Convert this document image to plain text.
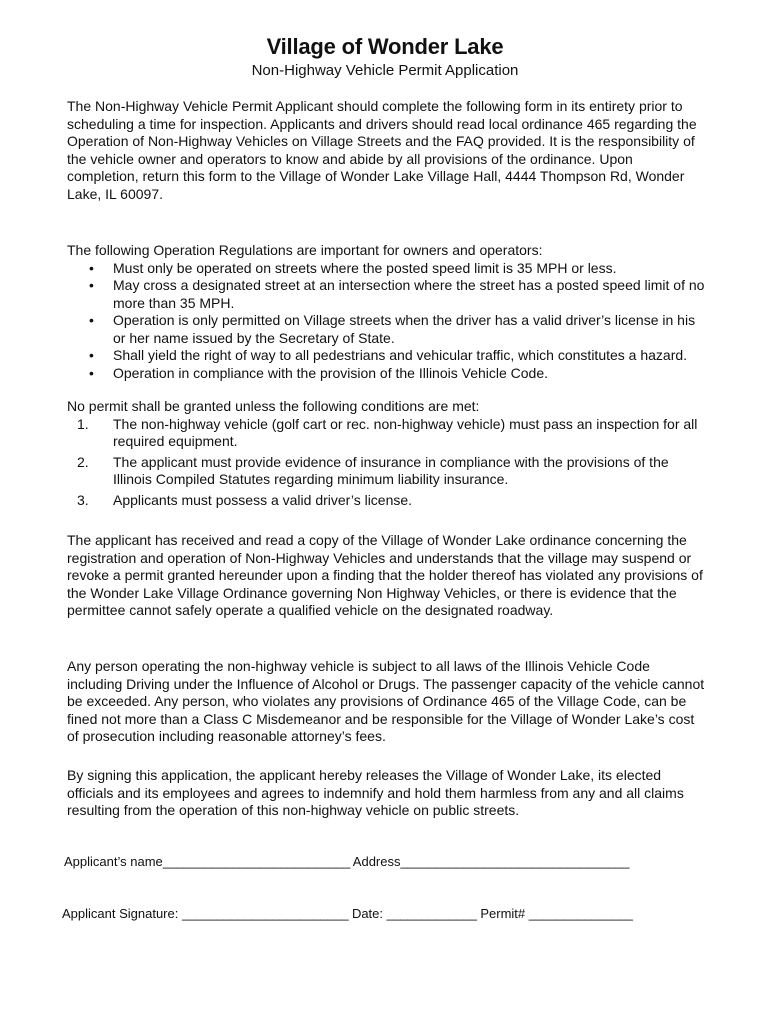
Village of Wonder Lake
Non-Highway Vehicle Permit Application

The Non-Highway Vehicle Permit Applicant should complete the following form in its entirety prior to scheduling a time for inspection. Applicants and drivers should read local ordinance 465 regarding the Operation of Non-Highway Vehicles on Village Streets and the FAQ provided. It is the responsibility of the vehicle owner and operators to know and abide by all provisions of the ordinance. Upon completion, return this form to the Village of Wonder Lake Village Hall, 4444 Thompson Rd, Wonder Lake, IL 60097.

The following Operation Regulations are important for owners and operators:
• Must only be operated on streets where the posted speed limit is 35 MPH or less.
• May cross a designated street at an intersection where the street has a posted speed limit of no more than 35 MPH.
• Operation is only permitted on Village streets when the driver has a valid driver’s license in his or her name issued by the Secretary of State.
• Shall yield the right of way to all pedestrians and vehicular traffic, which constitutes a hazard.
• Operation in compliance with the provision of the Illinois Vehicle Code.
No permit shall be granted unless the following conditions are met:
1. The non-highway vehicle (golf cart or rec. non-highway vehicle) must pass an inspection for all required equipment.
2. The applicant must provide evidence of insurance in compliance with the provisions of the Illinois Compiled Statutes regarding minimum liability insurance.
3. Applicants must possess a valid driver’s license.

The applicant has received and read a copy of the Village of Wonder Lake ordinance concerning the registration and operation of Non-Highway Vehicles and understands that the village may suspend or revoke a permit granted hereunder upon a finding that the holder thereof has violated any provisions of the Wonder Lake Village Ordinance governing Non Highway Vehicles, or there is evidence that the permittee cannot safely operate a qualified vehicle on the designated roadway.

Any person operating the non-highway vehicle is subject to all laws of the Illinois Vehicle Code including Driving under the Influence of Alcohol or Drugs. The passenger capacity of the vehicle cannot be exceeded. Any person, who violates any provisions of Ordinance 465 of the Village Code, can be fined not more than a Class C Misdemeanor and be responsible for the Village of Wonder Lake’s cost of prosecution including reasonable attorney’s fees.

By signing this application, the applicant hereby releases the Village of Wonder Lake, its elected officials and its employees and agrees to indemnify and hold them harmless from any and all claims resulting from the operation of this non-highway vehicle on public streets.

Applicant’s name___________________________ Address_________________________________
Applicant Signature: ________________________ Date: _____________ Permit# _______________
